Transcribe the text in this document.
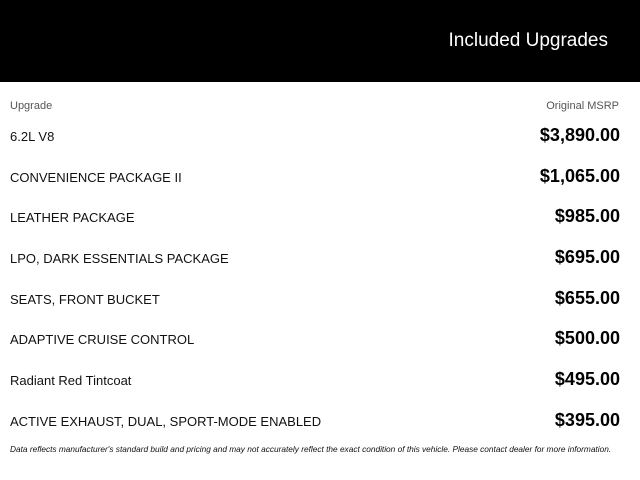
Included Upgrades
Upgrade	Original MSRP
6.2L V8	$3,890.00
CONVENIENCE PACKAGE II	$1,065.00
LEATHER PACKAGE	$985.00
LPO, DARK ESSENTIALS PACKAGE	$695.00
SEATS, FRONT BUCKET	$655.00
ADAPTIVE CRUISE CONTROL	$500.00
Radiant Red Tintcoat	$495.00
ACTIVE EXHAUST, DUAL, SPORT-MODE ENABLED	$395.00
Data reflects manufacturer's standard build and pricing and may not accurately reflect the exact condition of this vehicle. Please contact dealer for more information.
